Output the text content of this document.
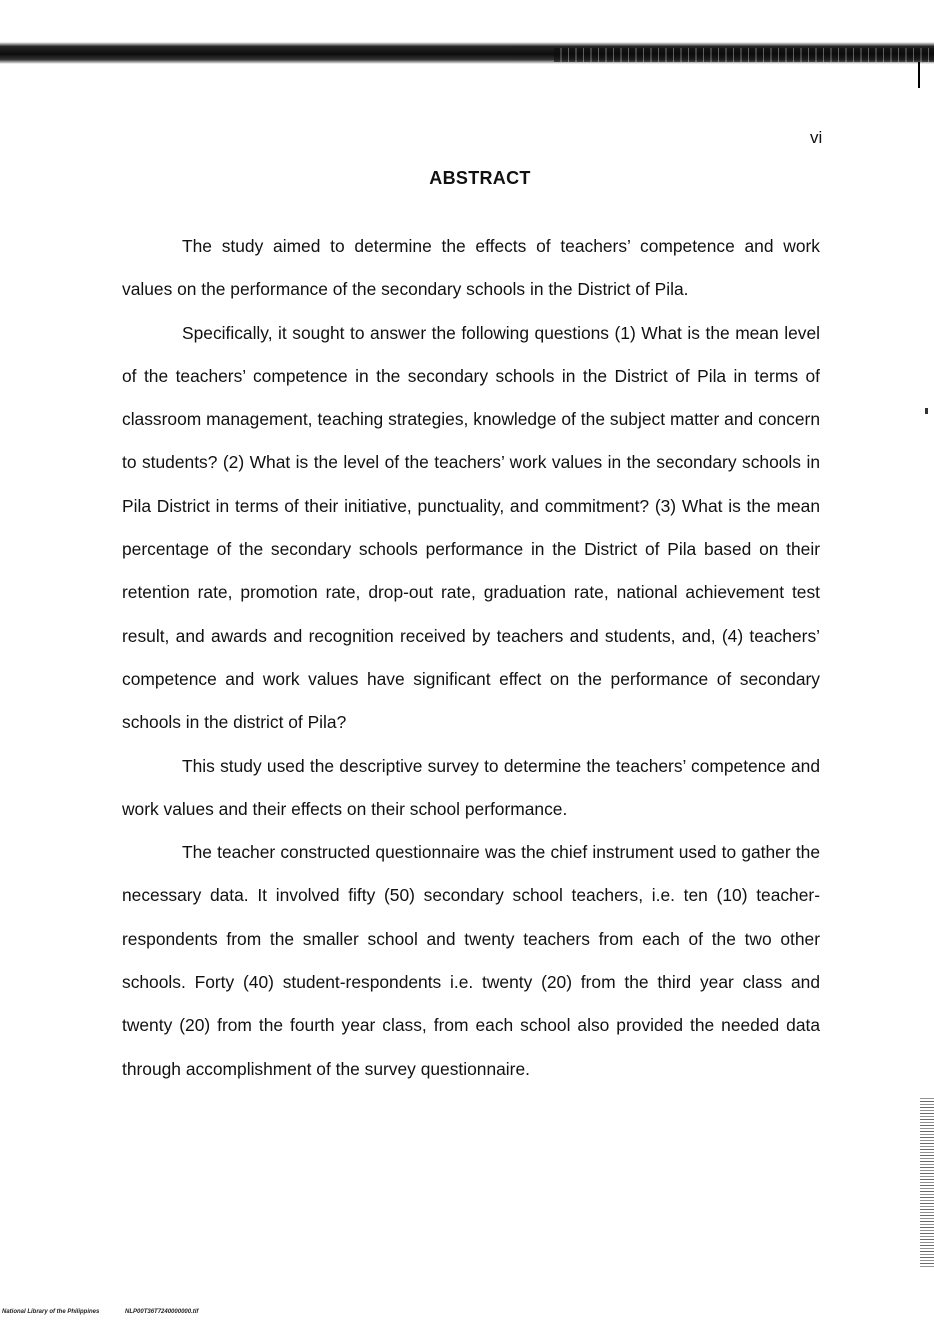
vi
ABSTRACT

The study aimed to determine the effects of teachers’ competence and work values on the performance of the secondary schools in the District of Pila.

Specifically, it sought to answer the following questions (1) What is the mean level of the teachers’ competence in the secondary schools in the District of Pila in terms of classroom management, teaching strategies, knowledge of the subject matter and concern to students? (2) What is the level of the teachers’ work values in the secondary schools in Pila District in terms of their initiative, punctuality, and commitment? (3) What is the mean percentage of the secondary schools performance in the District of Pila based on their retention rate, promotion rate, drop-out rate, graduation rate, national achievement test result, and awards and recognition received by teachers and students, and, (4) teachers’ competence and work values have significant effect on the performance of secondary schools in the district of Pila?

This study used the descriptive survey to determine the teachers’ competence and work values and their effects on their school performance.

The teacher constructed questionnaire was the chief instrument used to gather the necessary data. It involved fifty (50) secondary school teachers, i.e. ten (10) teacher-respondents from the smaller school and twenty teachers from each of the two other schools. Forty (40) student-respondents i.e. twenty (20) from the third year class and twenty (20) from the fourth year class, from each school also provided the needed data through accomplishment of the survey questionnaire.

National Library of the Philippines	NLP00T36T7240000000.tif
